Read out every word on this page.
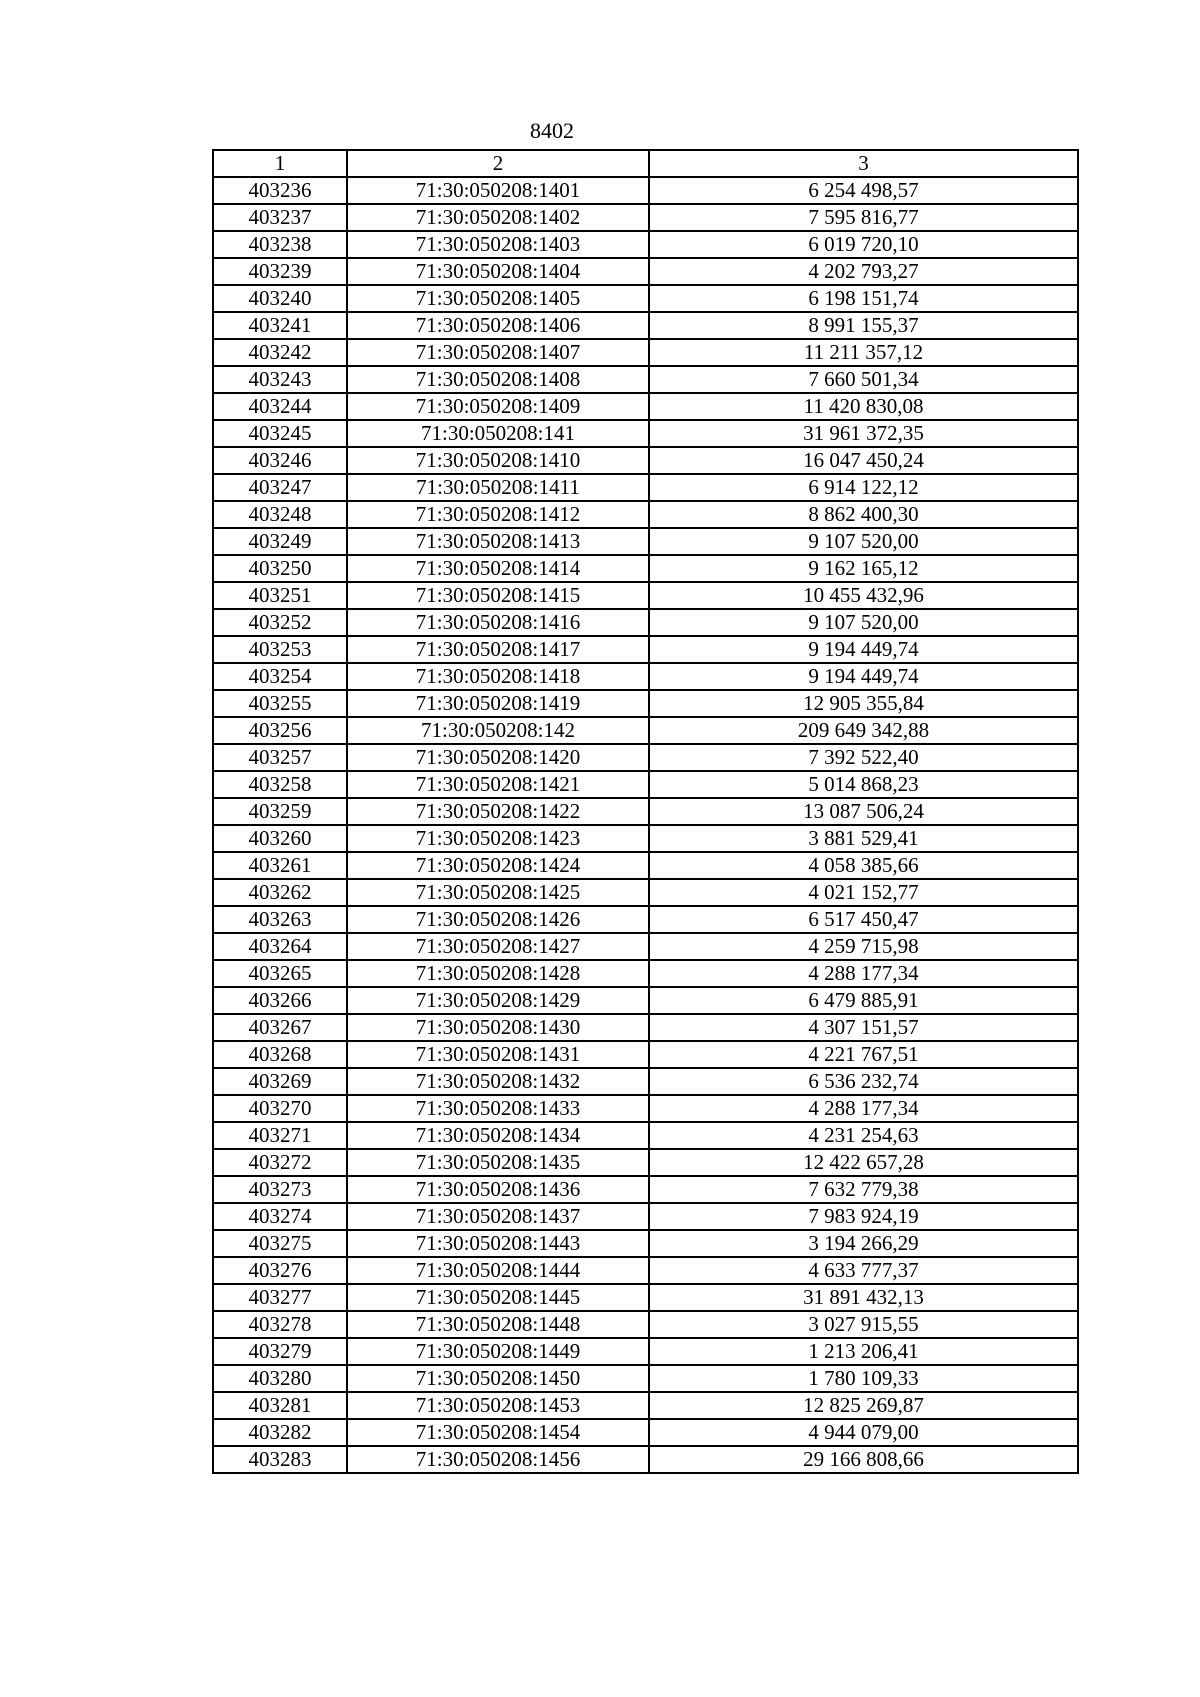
8402
1	2	3
403236	71:30:050208:1401	6 254 498,57
403237	71:30:050208:1402	7 595 816,77
403238	71:30:050208:1403	6 019 720,10
403239	71:30:050208:1404	4 202 793,27
403240	71:30:050208:1405	6 198 151,74
403241	71:30:050208:1406	8 991 155,37
403242	71:30:050208:1407	11 211 357,12
403243	71:30:050208:1408	7 660 501,34
403244	71:30:050208:1409	11 420 830,08
403245	71:30:050208:141	31 961 372,35
403246	71:30:050208:1410	16 047 450,24
403247	71:30:050208:1411	6 914 122,12
403248	71:30:050208:1412	8 862 400,30
403249	71:30:050208:1413	9 107 520,00
403250	71:30:050208:1414	9 162 165,12
403251	71:30:050208:1415	10 455 432,96
403252	71:30:050208:1416	9 107 520,00
403253	71:30:050208:1417	9 194 449,74
403254	71:30:050208:1418	9 194 449,74
403255	71:30:050208:1419	12 905 355,84
403256	71:30:050208:142	209 649 342,88
403257	71:30:050208:1420	7 392 522,40
403258	71:30:050208:1421	5 014 868,23
403259	71:30:050208:1422	13 087 506,24
403260	71:30:050208:1423	3 881 529,41
403261	71:30:050208:1424	4 058 385,66
403262	71:30:050208:1425	4 021 152,77
403263	71:30:050208:1426	6 517 450,47
403264	71:30:050208:1427	4 259 715,98
403265	71:30:050208:1428	4 288 177,34
403266	71:30:050208:1429	6 479 885,91
403267	71:30:050208:1430	4 307 151,57
403268	71:30:050208:1431	4 221 767,51
403269	71:30:050208:1432	6 536 232,74
403270	71:30:050208:1433	4 288 177,34
403271	71:30:050208:1434	4 231 254,63
403272	71:30:050208:1435	12 422 657,28
403273	71:30:050208:1436	7 632 779,38
403274	71:30:050208:1437	7 983 924,19
403275	71:30:050208:1443	3 194 266,29
403276	71:30:050208:1444	4 633 777,37
403277	71:30:050208:1445	31 891 432,13
403278	71:30:050208:1448	3 027 915,55
403279	71:30:050208:1449	1 213 206,41
403280	71:30:050208:1450	1 780 109,33
403281	71:30:050208:1453	12 825 269,87
403282	71:30:050208:1454	4 944 079,00
403283	71:30:050208:1456	29 166 808,66
